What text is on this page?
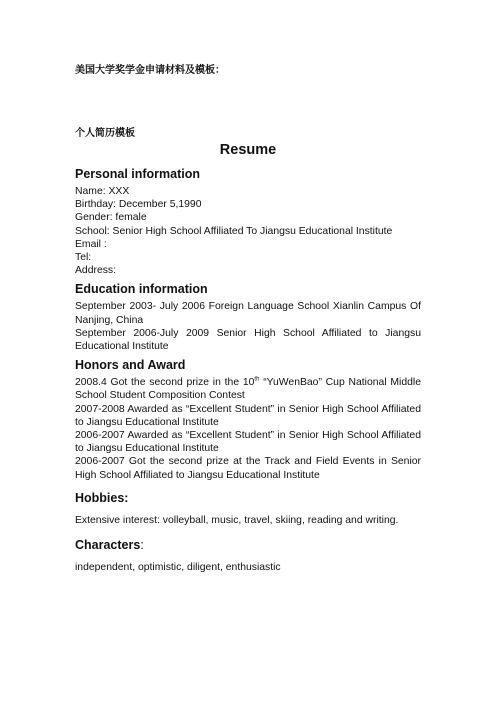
美国大学奖学金申请材料及模板：
个人简历模板
Resume
Personal information
Name: XXX
Birthday: December 5,1990
Gender: female
School: Senior High School Affiliated To Jiangsu Educational Institute
Email :
Tel:
Address:
Education information
September 2003- July 2006 Foreign Language School Xianlin Campus Of Nanjing, China
September 2006-July 2009 Senior High School Affiliated to Jiangsu Educational Institute
Honors and Award
2008.4 Got the second prize in the 10th “YuWenBao” Cup National Middle School Student Composition Contest
2007-2008 Awarded as “Excellent Student” in Senior High School Affiliated to Jiangsu Educational Institute
2006-2007 Awarded as “Excellent Student” in Senior High School Affiliated to Jiangsu Educational Institute
2006-2007 Got the second prize at the Track and Field Events in Senior High School Affiliated to Jiangsu Educational Institute
Hobbies:
Extensive interest: volleyball, music, travel, skiing, reading and writing.
Characters:
independent, optimistic, diligent, enthusiastic
